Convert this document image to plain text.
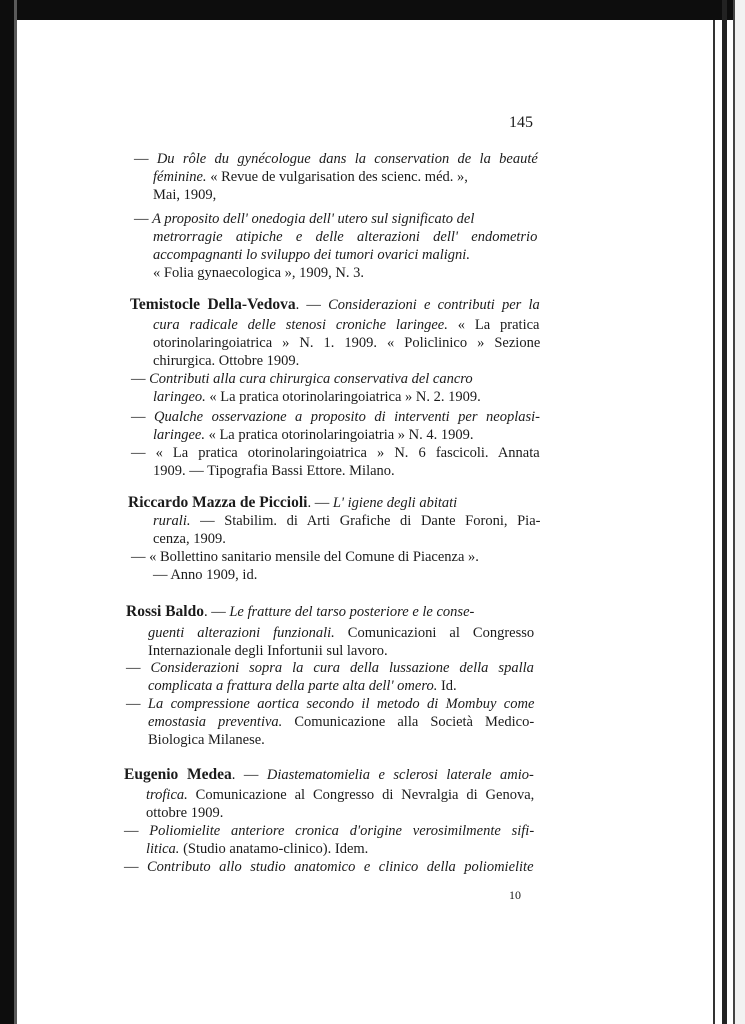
145
— Du rôle du gynécologue dans la conservation de la beauté
féminine. « Revue de vulgarisation des scienc. méd. »,
Mai, 1909,
— A proposito dell' onedogia dell' utero sul significato del
metrorragie atipiche e delle alterazioni dell' endometrio
accompagnanti lo sviluppo dei tumori ovarici maligni.
« Folia gynaecologica », 1909, N. 3.
Temistocle Della-Vedova. — Considerazioni e contributi per la
cura radicale delle stenosi croniche laringee. « La pratica
otorinolaringoiatrica » N. 1. 1909. « Policlinico » Sezione
chirurgica. Ottobre 1909.
— Contributi alla cura chirurgica conservativa del cancro
laringeo. « La pratica otorinolaringoiatrica » N. 2. 1909.
— Qualche osservazione a proposito di interventi per neoplasi-
laringee. « La pratica otorinolaringoiatria » N. 4. 1909.
— « La pratica otorinolaringoiatrica » N. 6 fascicoli. Annata
1909. — Tipografia Bassi Ettore. Milano.
Riccardo Mazza de Piccioli. — L' igiene degli abitati
rurali. — Stabilim. di Arti Grafiche di Dante Foroni, Pia-
cenza, 1909.
— « Bollettino sanitario mensile del Comune di Piacenza ».
— Anno 1909, id.
Rossi Baldo. — Le fratture del tarso posteriore e le conse-
guenti alterazioni funzionali. Comunicazioni al Congresso
Internazionale degli Infortunii sul lavoro.
— Considerazioni sopra la cura della lussazione della spalla
complicata a frattura della parte alta dell' omero. Id.
— La compressione aortica secondo il metodo di Mombuy come
emostasia preventiva. Comunicazione alla Società Medico-
Biologica Milanese.
Eugenio Medea. — Diastematomielia e sclerosi laterale amio-
trofica. Comunicazione al Congresso di Nevralgia di Genova,
ottobre 1909.
— Poliomielite anteriore cronica d'origine verosimilmente sifi-
litica. (Studio anatamo-clinico). Idem.
— Contributo allo studio anatomico e clinico della poliomielite
10
